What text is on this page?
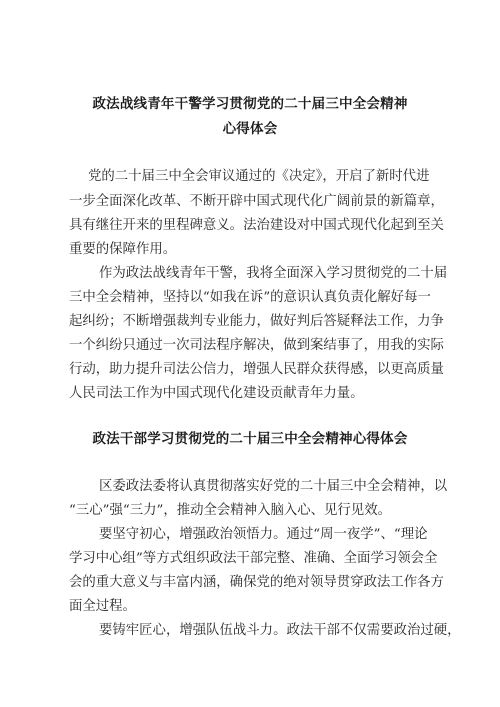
政法战线青年干警学习贯彻党的二十届三中全会精神
心得体会
党的二十届三中全会审议通过的《决定》，开启了新时代进
一步全面深化改革、不断开辟中国式现代化广阔前景的新篇章，
具有继往开来的里程碑意义。法治建设对中国式现代化起到至关
重要的保障作用。
作为政法战线青年干警，我将全面深入学习贯彻党的二十届
三中全会精神，坚持以“如我在诉”的意识认真负责化解好每一
起纠纷；不断增强裁判专业能力，做好判后答疑释法工作，力争
一个纠纷只通过一次司法程序解决，做到案结事了，用我的实际
行动，助力提升司法公信力，增强人民群众获得感，以更高质量
人民司法工作为中国式现代化建设贡献青年力量。
政法干部学习贯彻党的二十届三中全会精神心得体会
区委政法委将认真贯彻落实好党的二十届三中全会精神，以
“三心”强“三力”，推动全会精神入脑入心、见行见效。
要坚守初心，增强政治领悟力。通过“周一夜学”、“理论
学习中心组”等方式组织政法干部完整、准确、全面学习领会全
会的重大意义与丰富内涵，确保党的绝对领导贯穿政法工作各方
面全过程。
要铸牢匠心，增强队伍战斗力。政法干部不仅需要政治过硬，
